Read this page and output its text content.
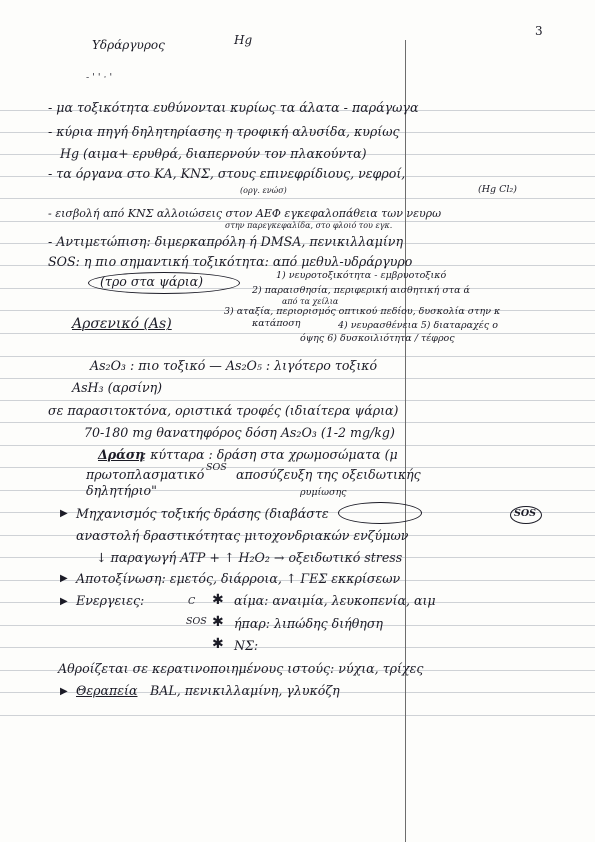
Υδράργυρος	Hg
3
- ' ' · '
- μα τοξικότητα ευθύνονται κυρίως τα άλατα - παράγωγα
- κύρια πηγή δηλητηρίασης η τροφική αλυσίδα, κυρίως
Hg (αιμα+ ερυθρά, διαπερνούν τον πλακούντα)
- τα όργανα στο ΚΑ, ΚΝΣ, στους επινεφρίδιους, νεφροί,
(οργ. ενώσ)	(Hg Cl₂)
- εισβολή από ΚΝΣ αλλοιώσεις στον ΑΕΦ εγκεφαλοπάθεια των νευρω
στην παρεγκεφαλίδα, στο φλοιό του εγκ.
- Αντιμετώπιση: διμερκαπρόλη ή DMSA, πενικιλλαμίνη
SOS: η πιο σημαντική τοξικότητα: από μεθυλ-υδράργυρο
(τρο στα ψάρια)	1) νευροτοξικότητα - εμβρυοτοξικό
2) παραισθησία, περιφερική αισθητική στα ά
από τα χείλια
3) αταξία, περιορισμός οπτικού πεδίου, δυσκολία στην κ
κατάποση	4) νευρασθένεια 5) διαταραχές ο
όψης 6) δυσκοιλιότητα / τέφρος
Αρσενικό (As)
As₂O₃ : πιο τοξικό — As₂O₅ : λιγότερο τοξικό
AsH₃ (αρσίνη)
σε παρασιτοκτόνα, οριστικά τροφές (ιδιαίτερα ψάρια)
70-180 mg θανατηφόρος δόση As₂O₃ (1-2 mg/kg)
Δράση
: κύτταρα : δράση στα χρωμοσώματα (μ
πρωτοπλασματικό SOS αποσύζευξη της οξειδωτικής
δηλητήριο"	ρυμίωσης
▶ Μηχανισμός τοξικής δράσης (διαβάστε	SOS
αναστολή δραστικότητας μιτοχονδριακών ενζύμων
↓ παραγωγή ATP + ↑ H₂O₂ → οξειδωτικό stress
▶ Αποτοξίνωση: εμετός, διάρροια, ↑ ΓΕΣ εκκρίσεων
▶ Ενεργειες:	C ✱ αίμα: αναιμία, λευκοπενία, αιμ
SOS ✱ ήπαρ: λιπώδης διήθηση
✱ ΝΣ:
Αθροίζεται σε κερατινοποιημένους ιστούς: νύχια, τρίχες
▶ Θεραπεία BAL, πενικιλλαμίνη, γλυκόζη
